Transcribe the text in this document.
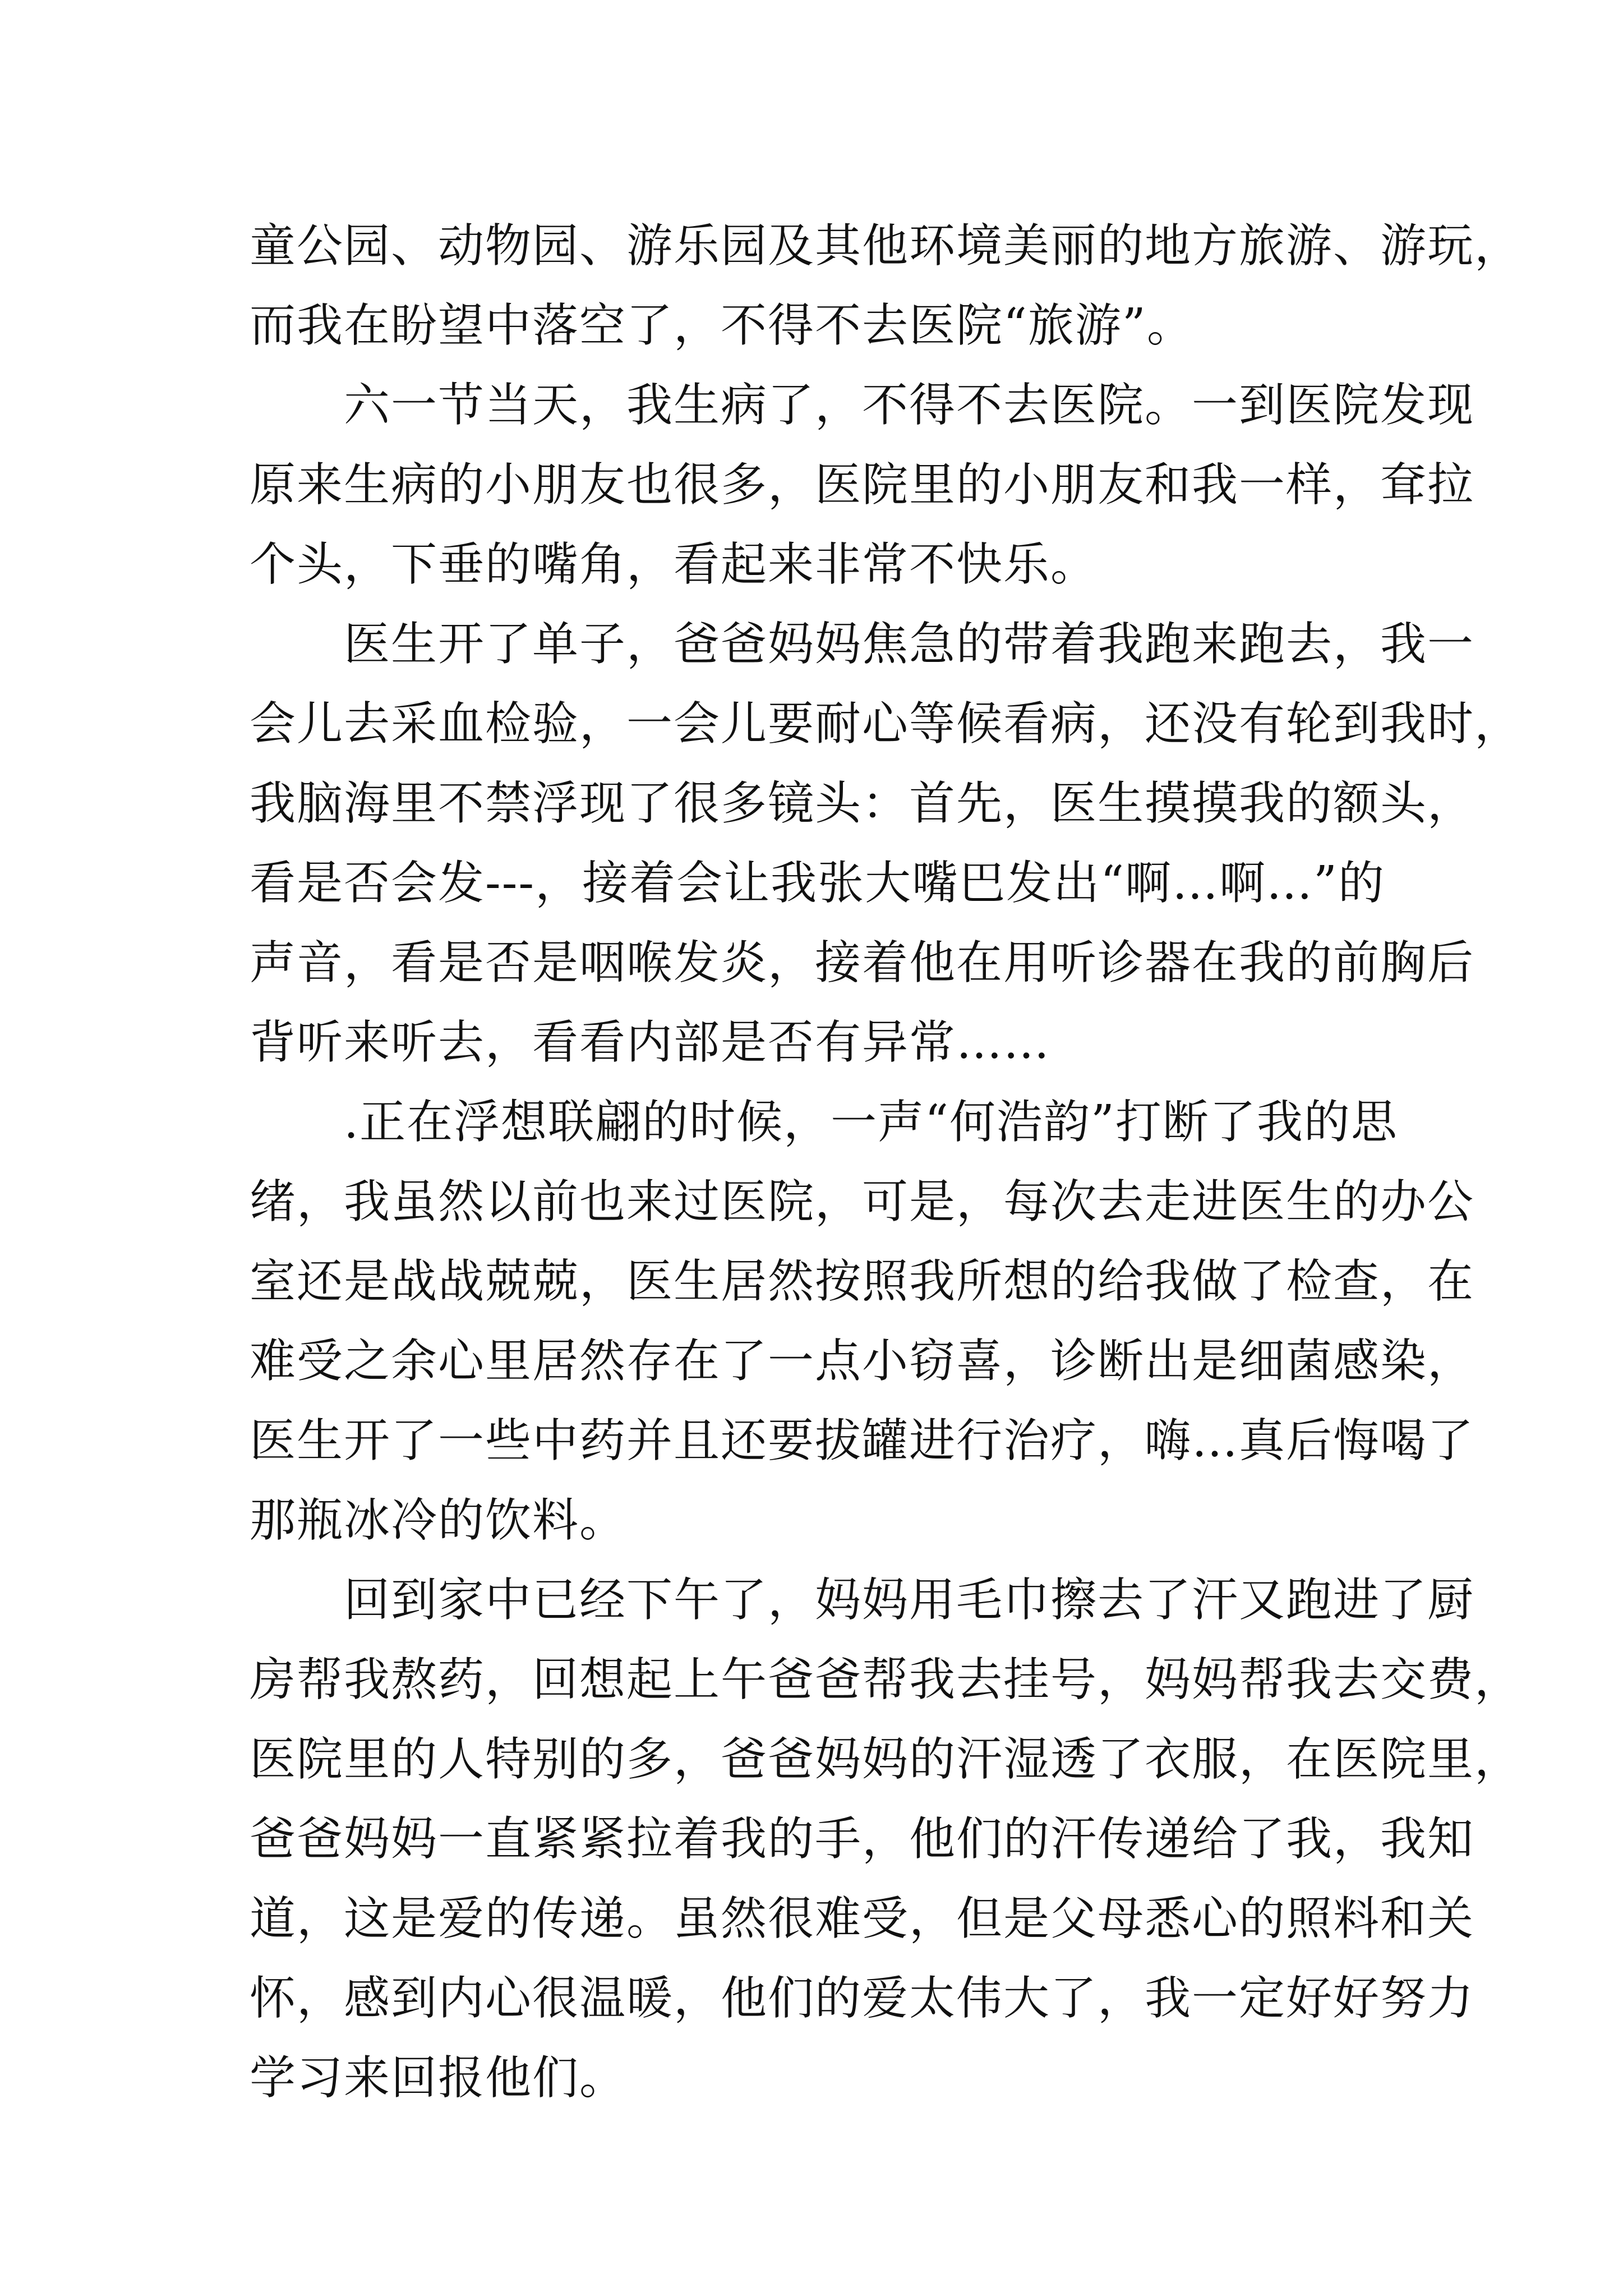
童公园、动物园、游乐园及其他环境美丽的地方旅游、游玩，
而我在盼望中落空了，不得不去医院“旅游”。
　　六一节当天，我生病了，不得不去医院。一到医院发现
原来生病的小朋友也很多，医院里的小朋友和我一样，耷拉
个头，下垂的嘴角，看起来非常不快乐。
　　医生开了单子，爸爸妈妈焦急的带着我跑来跑去，我一
会儿去采血检验，一会儿要耐心等候看病，还没有轮到我时，
我脑海里不禁浮现了很多镜头：首先，医生摸摸我的额头，
看是否会发---，接着会让我张大嘴巴发出“啊…啊…”的
声音，看是否是咽喉发炎，接着他在用听诊器在我的前胸后
背听来听去，看看内部是否有异常……
　　.正在浮想联翩的时候，一声“何浩韵”打断了我的思
绪，我虽然以前也来过医院，可是，每次去走进医生的办公
室还是战战兢兢，医生居然按照我所想的给我做了检查，在
难受之余心里居然存在了一点小窃喜，诊断出是细菌感染，
医生开了一些中药并且还要拔罐进行治疗，嗨…真后悔喝了
那瓶冰冷的饮料。
　　回到家中已经下午了，妈妈用毛巾擦去了汗又跑进了厨
房帮我熬药，回想起上午爸爸帮我去挂号，妈妈帮我去交费，
医院里的人特别的多，爸爸妈妈的汗湿透了衣服，在医院里，
爸爸妈妈一直紧紧拉着我的手，他们的汗传递给了我，我知
道，这是爱的传递。虽然很难受，但是父母悉心的照料和关
怀，感到内心很温暖，他们的爱太伟大了，我一定好好努力
学习来回报他们。
